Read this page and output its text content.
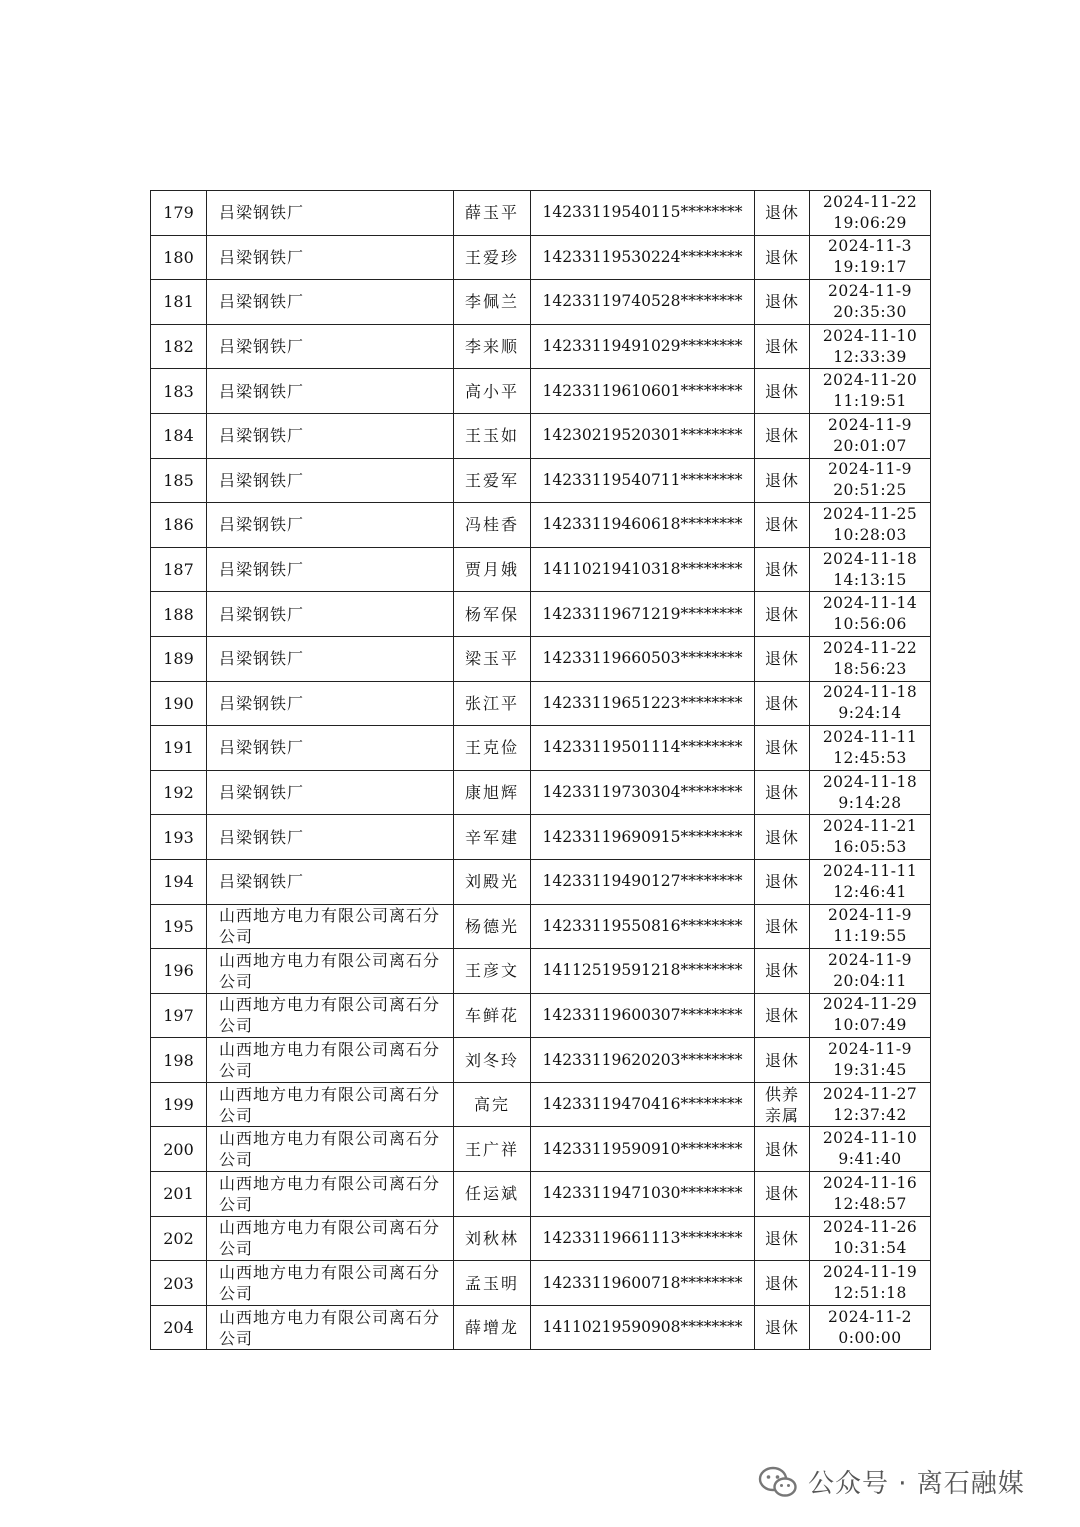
179	吕梁钢铁厂	薛玉平	14233119540115********	退休	2024-11-22
19:06:29

180	吕梁钢铁厂	王爱珍	14233119530224********	退休	2024-11-3
19:19:17

181	吕梁钢铁厂	李佩兰	14233119740528********	退休	2024-11-9
20:35:30

182	吕梁钢铁厂	李来顺	14233119491029********	退休	2024-11-10
12:33:39

183	吕梁钢铁厂	高小平	14233119610601********	退休	2024-11-20
11:19:51

184	吕梁钢铁厂	王玉如	14230219520301********	退休	2024-11-9
20:01:07

185	吕梁钢铁厂	王爱军	14233119540711********	退休	2024-11-9
20:51:25

186	吕梁钢铁厂	冯桂香	14233119460618********	退休	2024-11-25
10:28:03

187	吕梁钢铁厂	贾月娥	14110219410318********	退休	2024-11-18
14:13:15

188	吕梁钢铁厂	杨军保	14233119671219********	退休	2024-11-14
10:56:06

189	吕梁钢铁厂	梁玉平	14233119660503********	退休	2024-11-22
18:56:23

190	吕梁钢铁厂	张江平	14233119651223********	退休	2024-11-18
9:24:14

191	吕梁钢铁厂	王克俭	14233119501114********	退休	2024-11-11
12:45:53

192	吕梁钢铁厂	康旭辉	14233119730304********	退休	2024-11-18
9:14:28

193	吕梁钢铁厂	辛军建	14233119690915********	退休	2024-11-21
16:05:53

194	吕梁钢铁厂	刘殿光	14233119490127********	退休	2024-11-11
12:46:41

195	山西地方电力有限公司离石分
公司	杨德光	14233119550816********	退休	2024-11-9
11:19:55

196	山西地方电力有限公司离石分
公司	王彦文	14112519591218********	退休	2024-11-9
20:04:11

197	山西地方电力有限公司离石分
公司	车鲜花	14233119600307********	退休	2024-11-29
10:07:49

198	山西地方电力有限公司离石分
公司	刘冬玲	14233119620203********	退休	2024-11-9
19:31:45

199	山西地方电力有限公司离石分
公司	高完	14233119470416********	供养
亲属	2024-11-27
12:37:42

200	山西地方电力有限公司离石分
公司	王广祥	14233119590910********	退休	2024-11-10
9:41:40

201	山西地方电力有限公司离石分
公司	任运斌	14233119471030********	退休	2024-11-16
12:48:57

202	山西地方电力有限公司离石分
公司	刘秋林	14233119661113********	退休	2024-11-26
10:31:54

203	山西地方电力有限公司离石分
公司	孟玉明	14233119600718********	退休	2024-11-19
12:51:18

204	山西地方电力有限公司离石分
公司	薛增龙	14110219590908********	退休	2024-11-2
0:00:00
公众号 · 离石融媒
